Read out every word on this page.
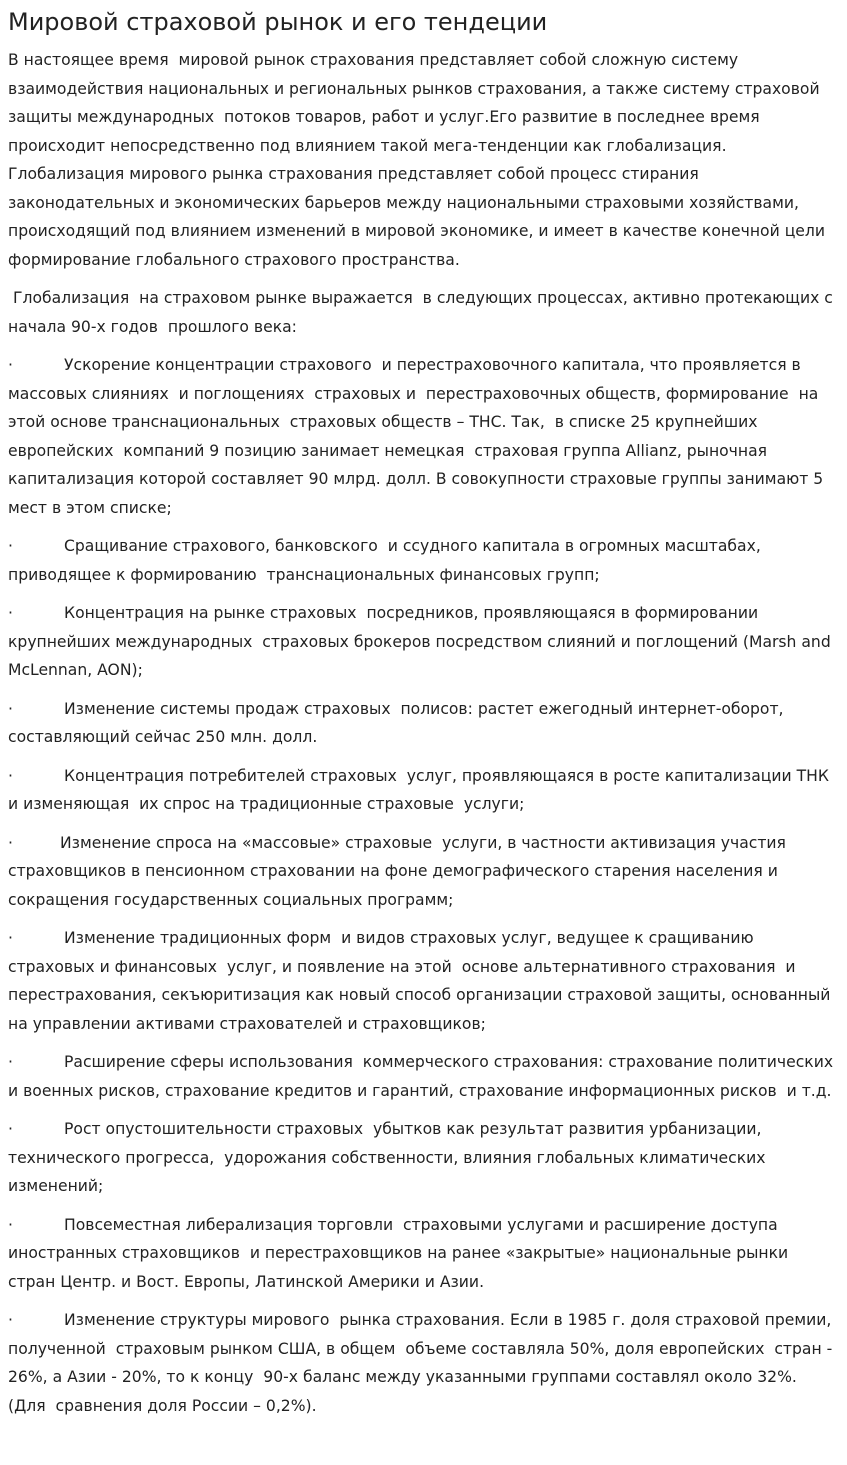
Мировой страховой рынок и его тендеции

В настоящее время  мировой рынок страхования представляет собой сложную систему взаимодействия национальных и региональных рынков страхования, а также систему страховой защиты международных  потоков товаров, работ и услуг.Его развитие в последнее время происходит непосредственно под влиянием такой мега-тенденции как глобализация. Глобализация мирового рынка страхования представляет собой процесс стирания законодательных и экономических барьеров между национальными страховыми хозяйствами, происходящий под влиянием изменений в мировой экономике, и имеет в качестве конечной цели формирование глобального страхового пространства.

Глобализация  на страховом рынке выражается  в следующих процессах, активно протекающих с начала 90-х годов  прошлого века:

·	Ускорение концентрации страхового  и перестраховочного капитала, что проявляется в массовых слияниях  и поглощениях  страховых и  перестраховочных обществ, формирование  на этой основе транснациональных  страховых обществ – ТНС. Так,  в списке 25 крупнейших европейских  компаний 9 позицию занимает немецкая  страховая группа Allianz, рыночная капитализация которой составляет 90 млрд. долл. В совокупности страховые группы занимают 5 мест в этом списке;

·	Сращивание страхового, банковского  и ссудного капитала в огромных масштабах, приводящее к формированию  транснациональных финансовых групп;

·	Концентрация на рынке страховых  посредников, проявляющаяся в формировании крупнейших международных  страховых брокеров посредством слияний и поглощений (Marsh and McLennan, AON);

·	Изменение системы продаж страховых  полисов: растет ежегодный интернет-оборот, составляющий сейчас 250 млн. долл.

·	Концентрация потребителей страховых  услуг, проявляющаяся в росте капитализации ТНК  и изменяющая  их спрос на традиционные страховые  услуги;

·	Изменение спроса на «массовые» страховые  услуги, в частности активизация участия страховщиков в пенсионном страховании на фоне демографического старения населения и сокращения государственных социальных программ;

·	Изменение традиционных форм  и видов страховых услуг, ведущее к сращиванию страховых и финансовых  услуг, и появление на этой  основе альтернативного страхования  и перестрахования, секъюритизация как новый способ организации страховой защиты, основанный на управлении активами страхователей и страховщиков;

·	Расширение сферы использования  коммерческого страхования: страхование политических и военных рисков, страхование кредитов и гарантий, страхование информационных рисков  и т.д.

·	Рост опустошительности страховых  убытков как результат развития урбанизации, технического прогресса,  удорожания собственности, влияния глобальных климатических изменений;

·	Повсеместная либерализация торговли  страховыми услугами и расширение доступа иностранных страховщиков  и перестраховщиков на ранее «закрытые» национальные рынки  стран Центр. и Вост. Европы, Латинской Америки и Азии.

·	Изменение структуры мирового  рынка страхования. Если в 1985 г. доля страховой премии, полученной  страховым рынком США, в общем  объеме составляла 50%, доля европейских  стран - 26%, а Азии - 20%, то к концу  90-х баланс между указанными группами составлял около 32%. (Для  сравнения доля России – 0,2%).
